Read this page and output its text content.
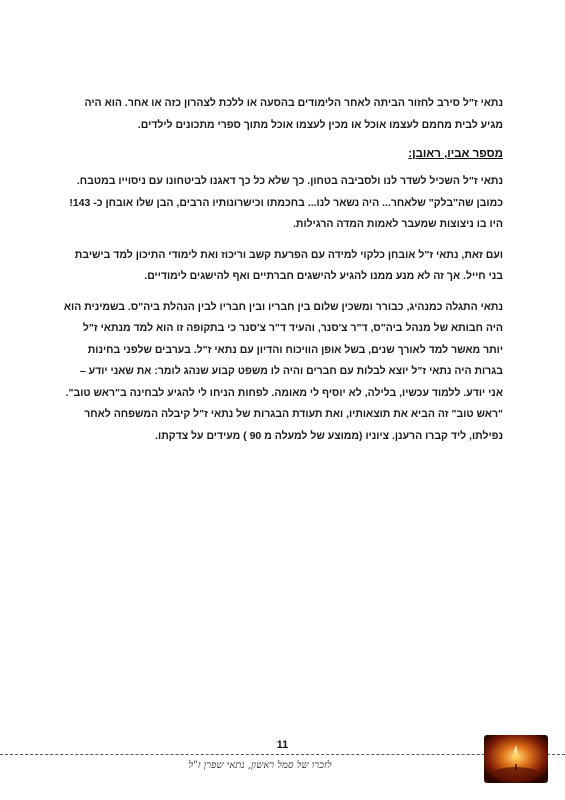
נתאי ז"ל סירב לחזור הביתה לאחר הלימודים בהסעה או ללכת לצהרון כזה או אחר. הוא היה מגיע לבית מחמם לעצמו אוכל או מכין לעצמו אוכל מתוך ספרי מתכונים לילדים.

מספר אביו, ראובן:

נתאי ז"ל השכיל לשדר לנו ולסביבה בטחון. כך שלא כל כך דאגנו לביטחונו עם ניסוייו במטבח. כמובן שה"בלק" שלאחר... היה נשאר לנו... בחכמתו וכישרונותיו הרבים, הבן שלו אובחן כ- 143! היו בו ניצוצות שמעבר לאמות המדה הרגילות.

ועם זאת, נתאי ז"ל אובחן כלקוי למידה עם הפרעת קשב וריכוז ואת לימודי התיכון למד בישיבת בני חייל. אך זה לא מנע ממנו להגיע להישגים חברתיים ואף להישגים לימודיים.

נתאי התגלה כמנהיג, כבורר ומשכין שלום בין חבריו ובין חבריו לבין הנהלת ביה"ס. בשמינית הוא היה חבותא של מנהל ביה"ס, ד"ר צ'סנר, והעיד ד"ר צ'סנר כי בתקופה זו הוא למד מנתאי ז"ל יותר מאשר למד לאורך שנים, בשל אופן הוויכוח והדיון עם נתאי ז"ל. בערבים שלפני בחינות בגרות היה נתאי ז"ל יוצא לבלות עם חברים והיה לו משפט קבוע שנהג לומר: את שאני יודע – אני יודע. ללמוד עכשיו, בלילה, לא יוסיף לי מאומה. לפחות הניחו לי להגיע לבחינה ב"ראש טוב". "ראש טוב" זה הביא את תוצאותיו, ואת תעודת הבגרות של נתאי ז"ל קיבלה המשפחה לאחר נפילתו, ליד קברו הרענן. ציוניו (ממוצע של למעלה מ 90 ) מעידים על צדקתו.

11
לזכרו של סמל ראשון, נתאי שפרן ז"ל
